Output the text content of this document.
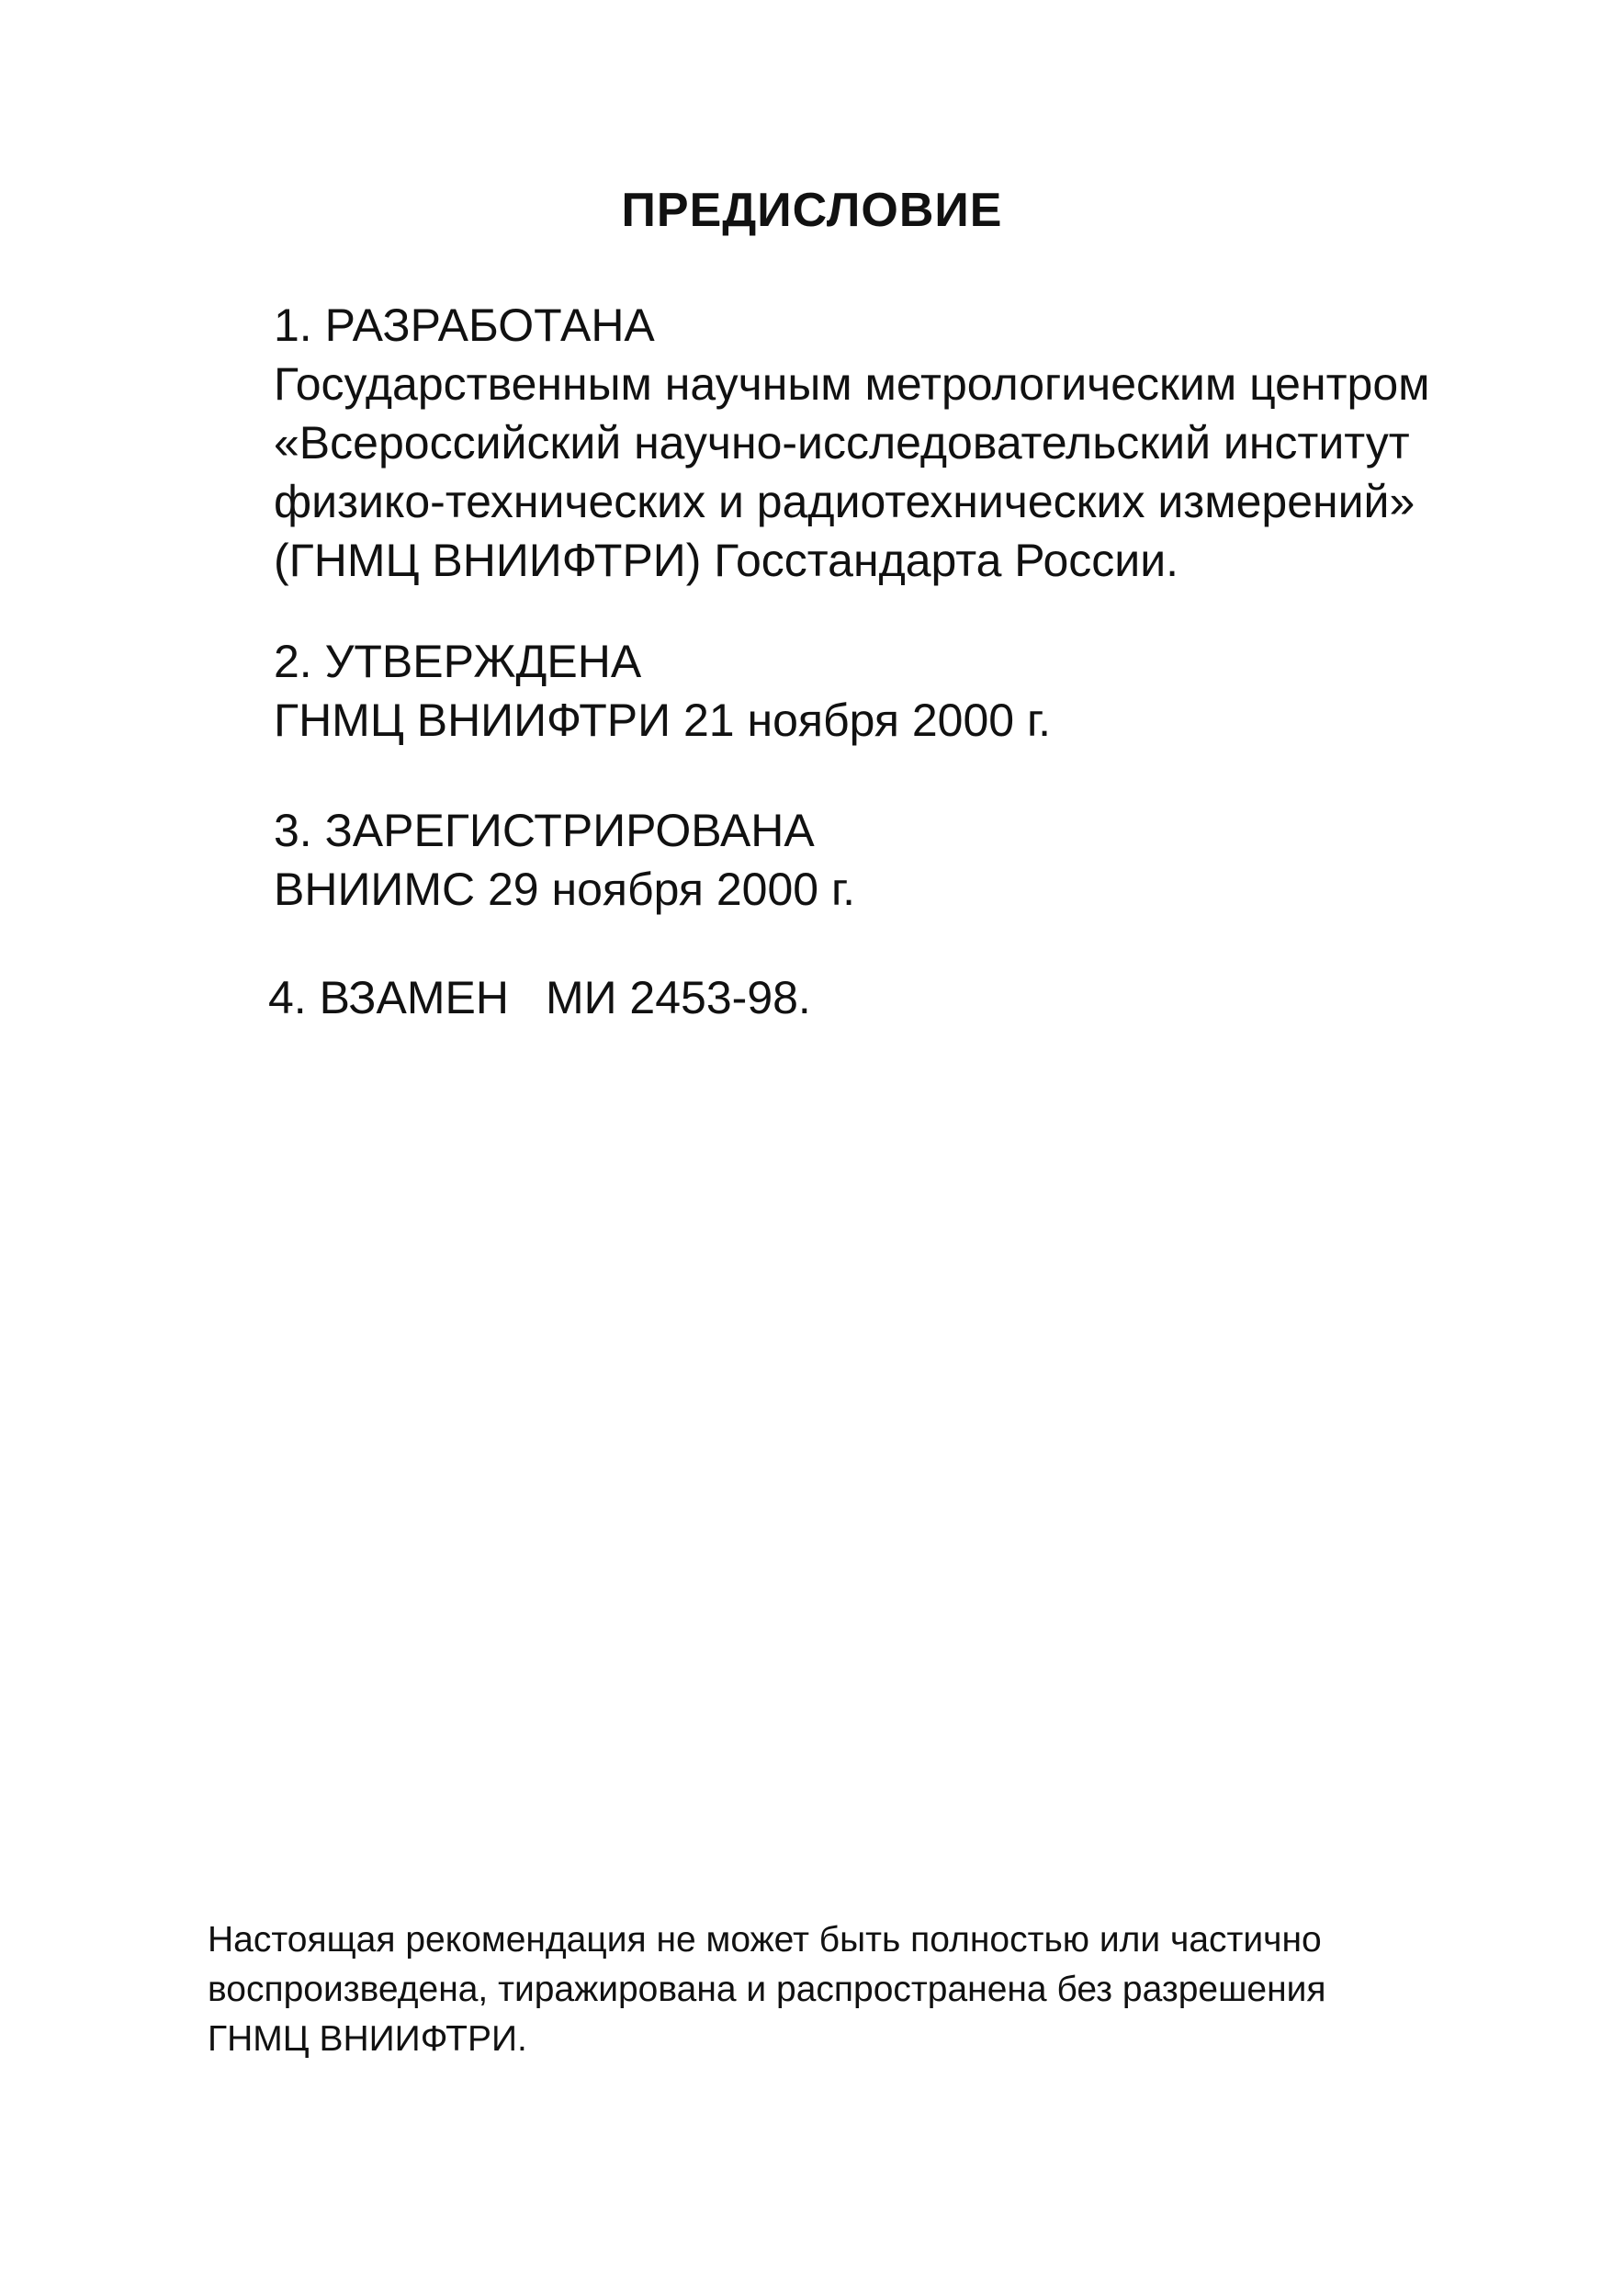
ПРЕДИСЛОВИЕ
1. РАЗРАБОТАНА
Государственным научным метрологическим центром
«Всероссийский научно-исследовательский институт
физико-технических и радиотехнических измерений»
(ГНМЦ ВНИИФТРИ) Госстандарта России.
2. УТВЕРЖДЕНА
ГНМЦ ВНИИФТРИ 21 ноября 2000 г.
3. ЗАРЕГИСТРИРОВАНА
ВНИИМС 29 ноября 2000 г.
4. ВЗАМЕН МИ 2453-98.
Настоящая рекомендация не может быть полностью или частично
воспроизведена, тиражирована и распространена без разрешения
ГНМЦ ВНИИФТРИ.
